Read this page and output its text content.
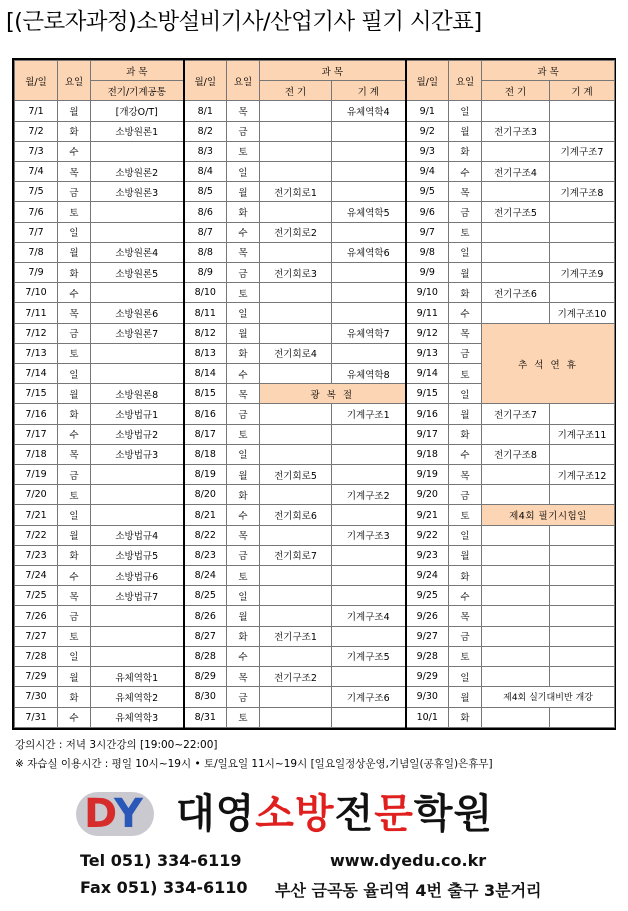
[(근로자과정)소방설비기사/산업기사 필기 시간표]
월/일	요일	과 목	월/일	요일	과 목		월/일	요일	과 목	
		전기/기계공통			전 기	기 계			전 기	기 계
7/1	월	[개강O/T]	8/1	목		유체역학4	9/1	일		
7/2	화	소방원론1	8/2	금			9/2	월	전기구조3	
7/3	수		8/3	토			9/3	화		기계구조7
7/4	목	소방원론2	8/4	일			9/4	수	전기구조4	
7/5	금	소방원론3	8/5	월	전기회로1		9/5	목		기계구조8
7/6	토		8/6	화		유체역학5	9/6	금	전기구조5	
7/7	일		8/7	수	전기회로2		9/7	토		
7/8	월	소방원론4	8/8	목		유체역학6	9/8	일		
7/9	화	소방원론5	8/9	금	전기회로3		9/9	월		기계구조9
7/10	수		8/10	토			9/10	화	전기구조6	
7/11	목	소방원론6	8/11	일			9/11	수		기계구조10
7/12	금	소방원론7	8/12	월		유체역학7	9/12	목	추 석 연 휴	
7/13	토		8/13	화	전기회로4		9/13	금		
7/14	일		8/14	수		유체역학8	9/14	토		
7/15	월	소방원론8	8/15	목	광 복 절		9/15	일		
7/16	화	소방법규1	8/16	금		기계구조1	9/16	월	전기구조7	
7/17	수	소방법규2	8/17	토			9/17	화		기계구조11
7/18	목	소방법규3	8/18	일			9/18	수	전기구조8	
7/19	금		8/19	월	전기회로5		9/19	목		기계구조12
7/20	토		8/20	화		기계구조2	9/20	금		
7/21	일		8/21	수	전기회로6		9/21	토	제4회 필기시험일	
7/22	월	소방법규4	8/22	목		기계구조3	9/22	일		
7/23	화	소방법규5	8/23	금	전기회로7		9/23	월		
7/24	수	소방법규6	8/24	토			9/24	화		
7/25	목	소방법규7	8/25	일			9/25	수		
7/26	금		8/26	월		기계구조4	9/26	목		
7/27	토		8/27	화	전기구조1		9/27	금		
7/28	일		8/28	수		기계구조5	9/28	토		
7/29	월	유체역학1	8/29	목	전기구조2		9/29	일		
7/30	화	유체역학2	8/30	금		기계구조6	9/30	월	제4회 실기대비반 개강	
7/31	수	유체역학3	8/31	토			10/1	화		
강의시간 : 저녁 3시간강의 [19:00~22:00]
※ 자습실 이용시간 : 평일 10시~19시 • 토/일요일 11시~19시 [일요일정상운영,기념일(공휴일)은휴무]
D
Y 대영소방전문학원
Tel 051) 334-6119	www.dyedu.co.kr
Fax 051) 334-6110 부산 금곡동 율리역 4번 출구 3분거리
